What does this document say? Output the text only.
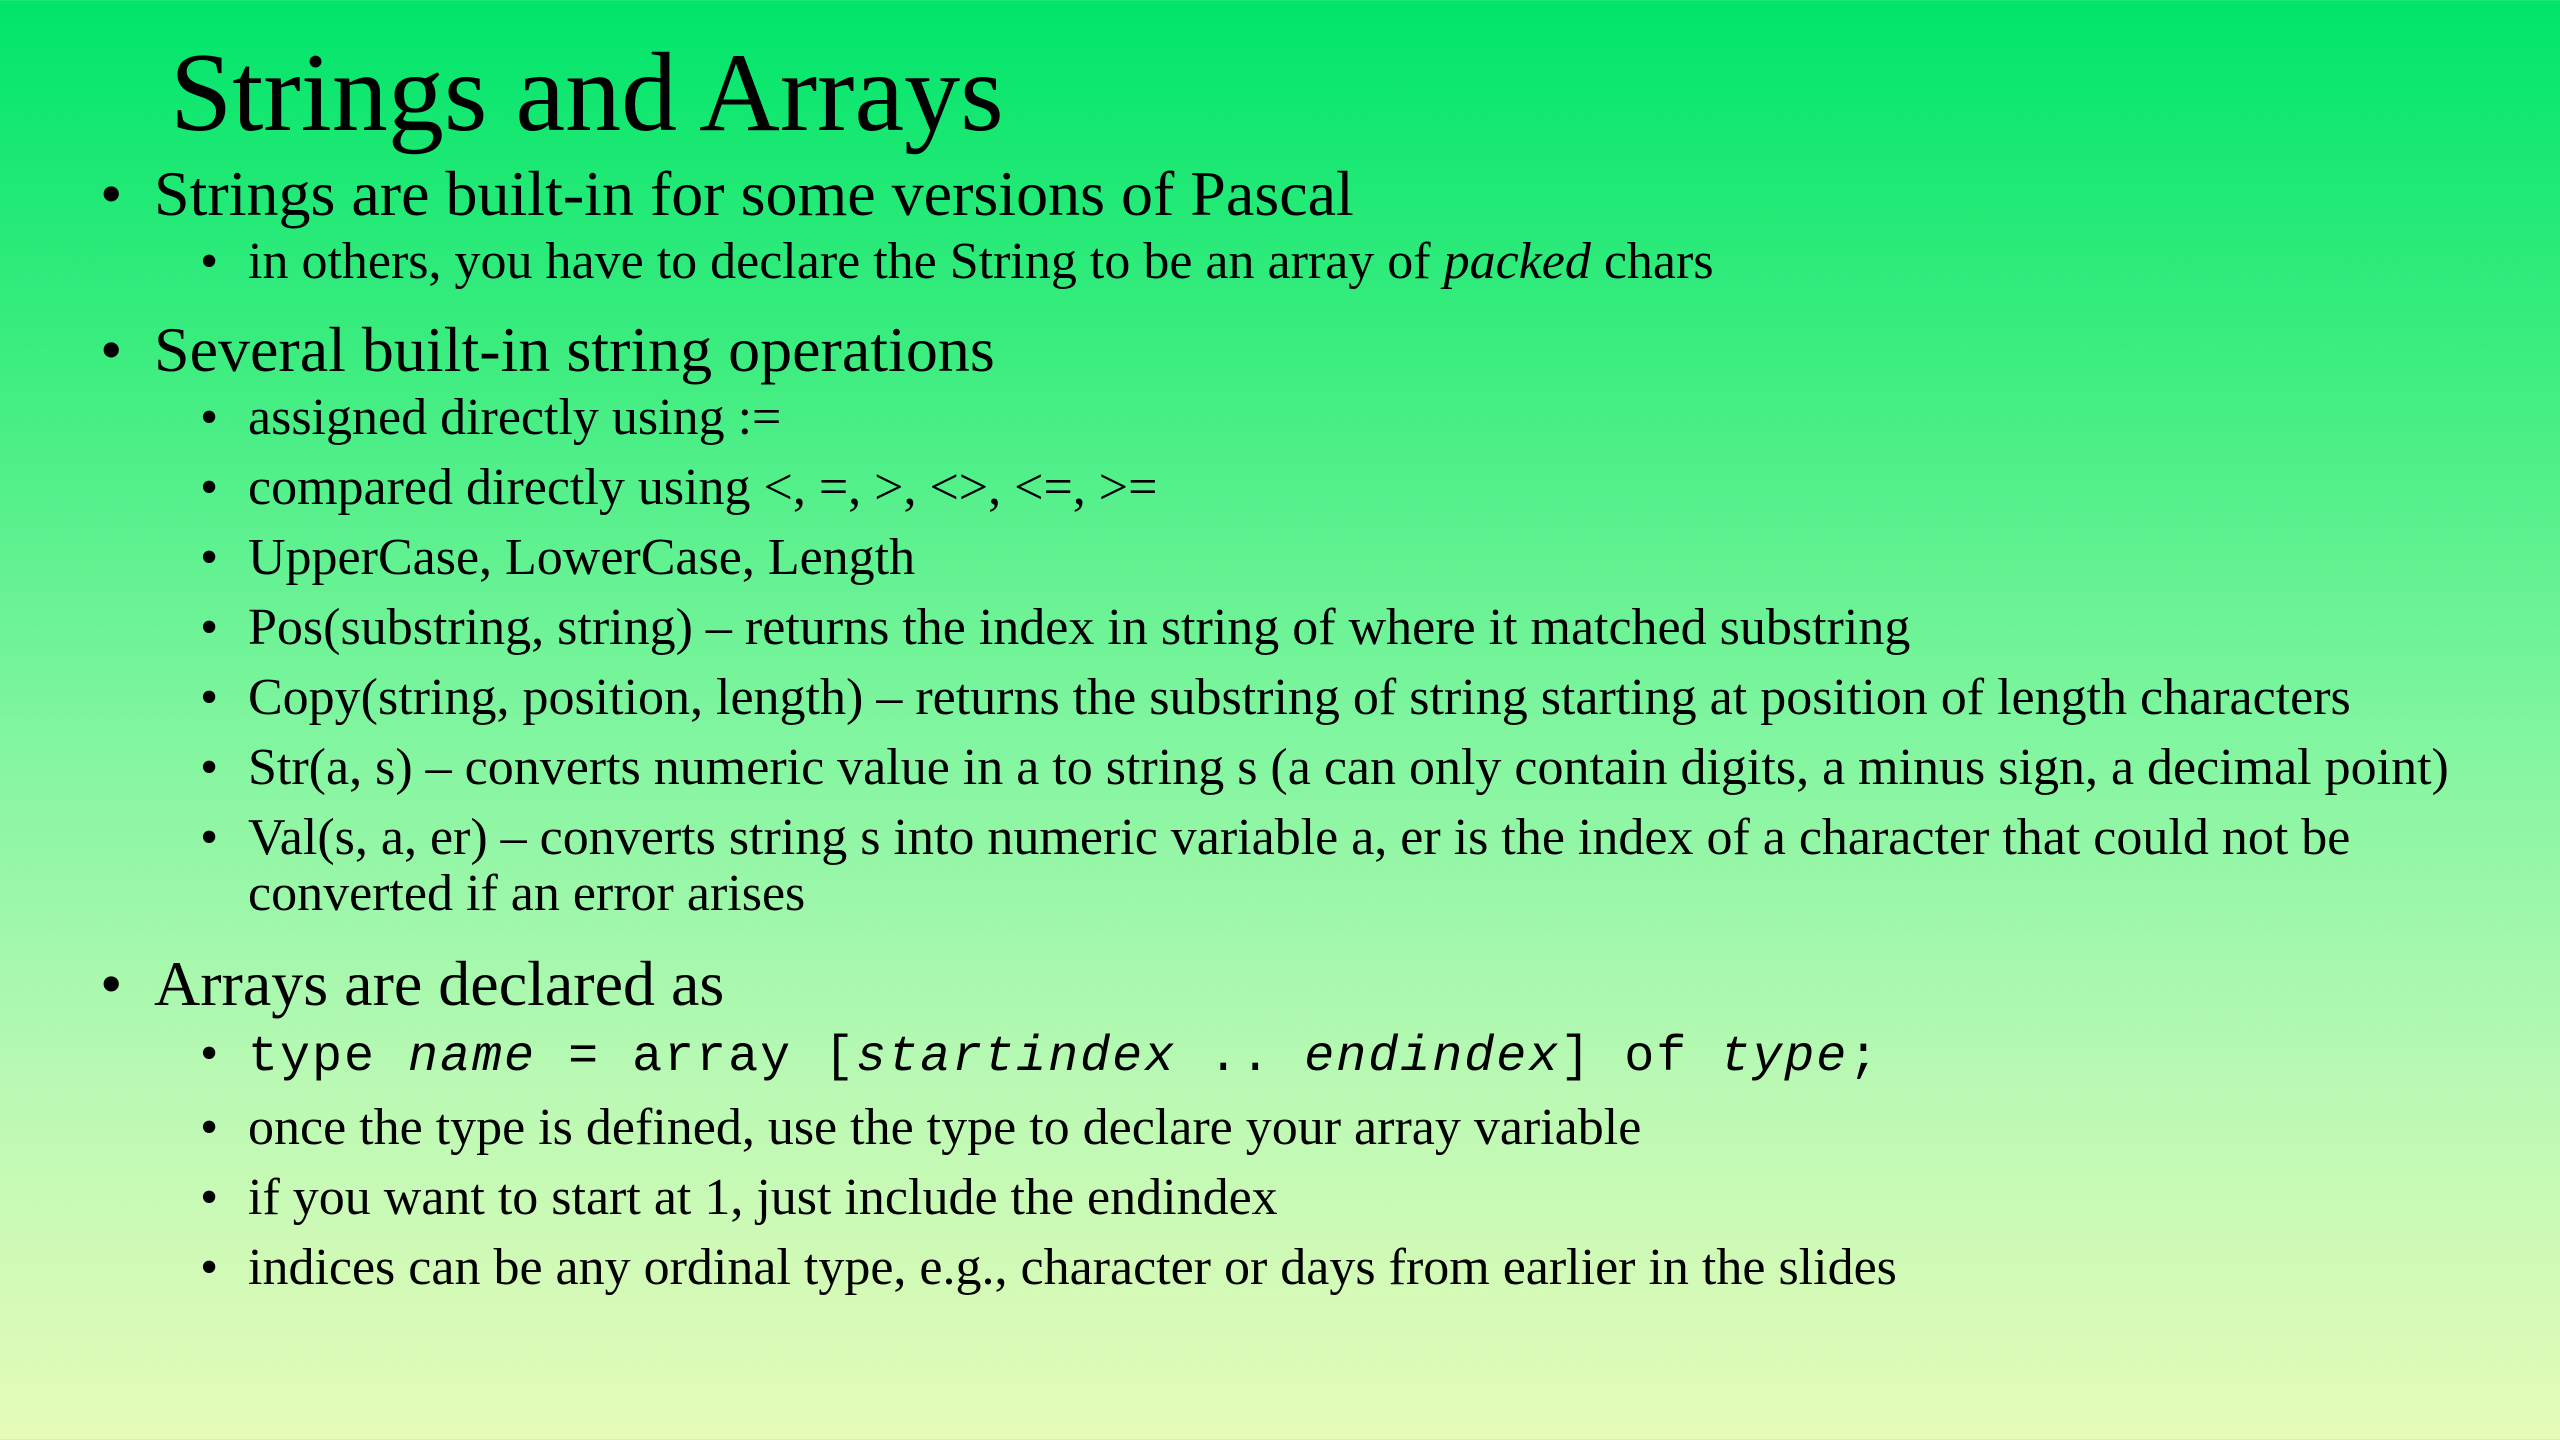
Strings and Arrays
• Strings are built-in for some versions of Pascal
• in others, you have to declare the String to be an array of packed chars
• Several built-in string operations
• assigned directly using :=
• compared directly using <, =, >, <>, <=, >=
• UpperCase, LowerCase, Length
• Pos(substring, string) – returns the index in string of where it matched substring
• Copy(string, position, length) – returns the substring of string starting at position of length characters
• Str(a, s) – converts numeric value in a to string s (a can only contain digits, a minus sign, a decimal point)
• Val(s, a, er) – converts string s into numeric variable a, er is the index of a character that could not be converted if an error arises
• Arrays are declared as
• type name = array [startindex .. endindex] of type;
• once the type is defined, use the type to declare your array variable
• if you want to start at 1, just include the endindex
• indices can be any ordinal type, e.g., character or days from earlier in the slides
